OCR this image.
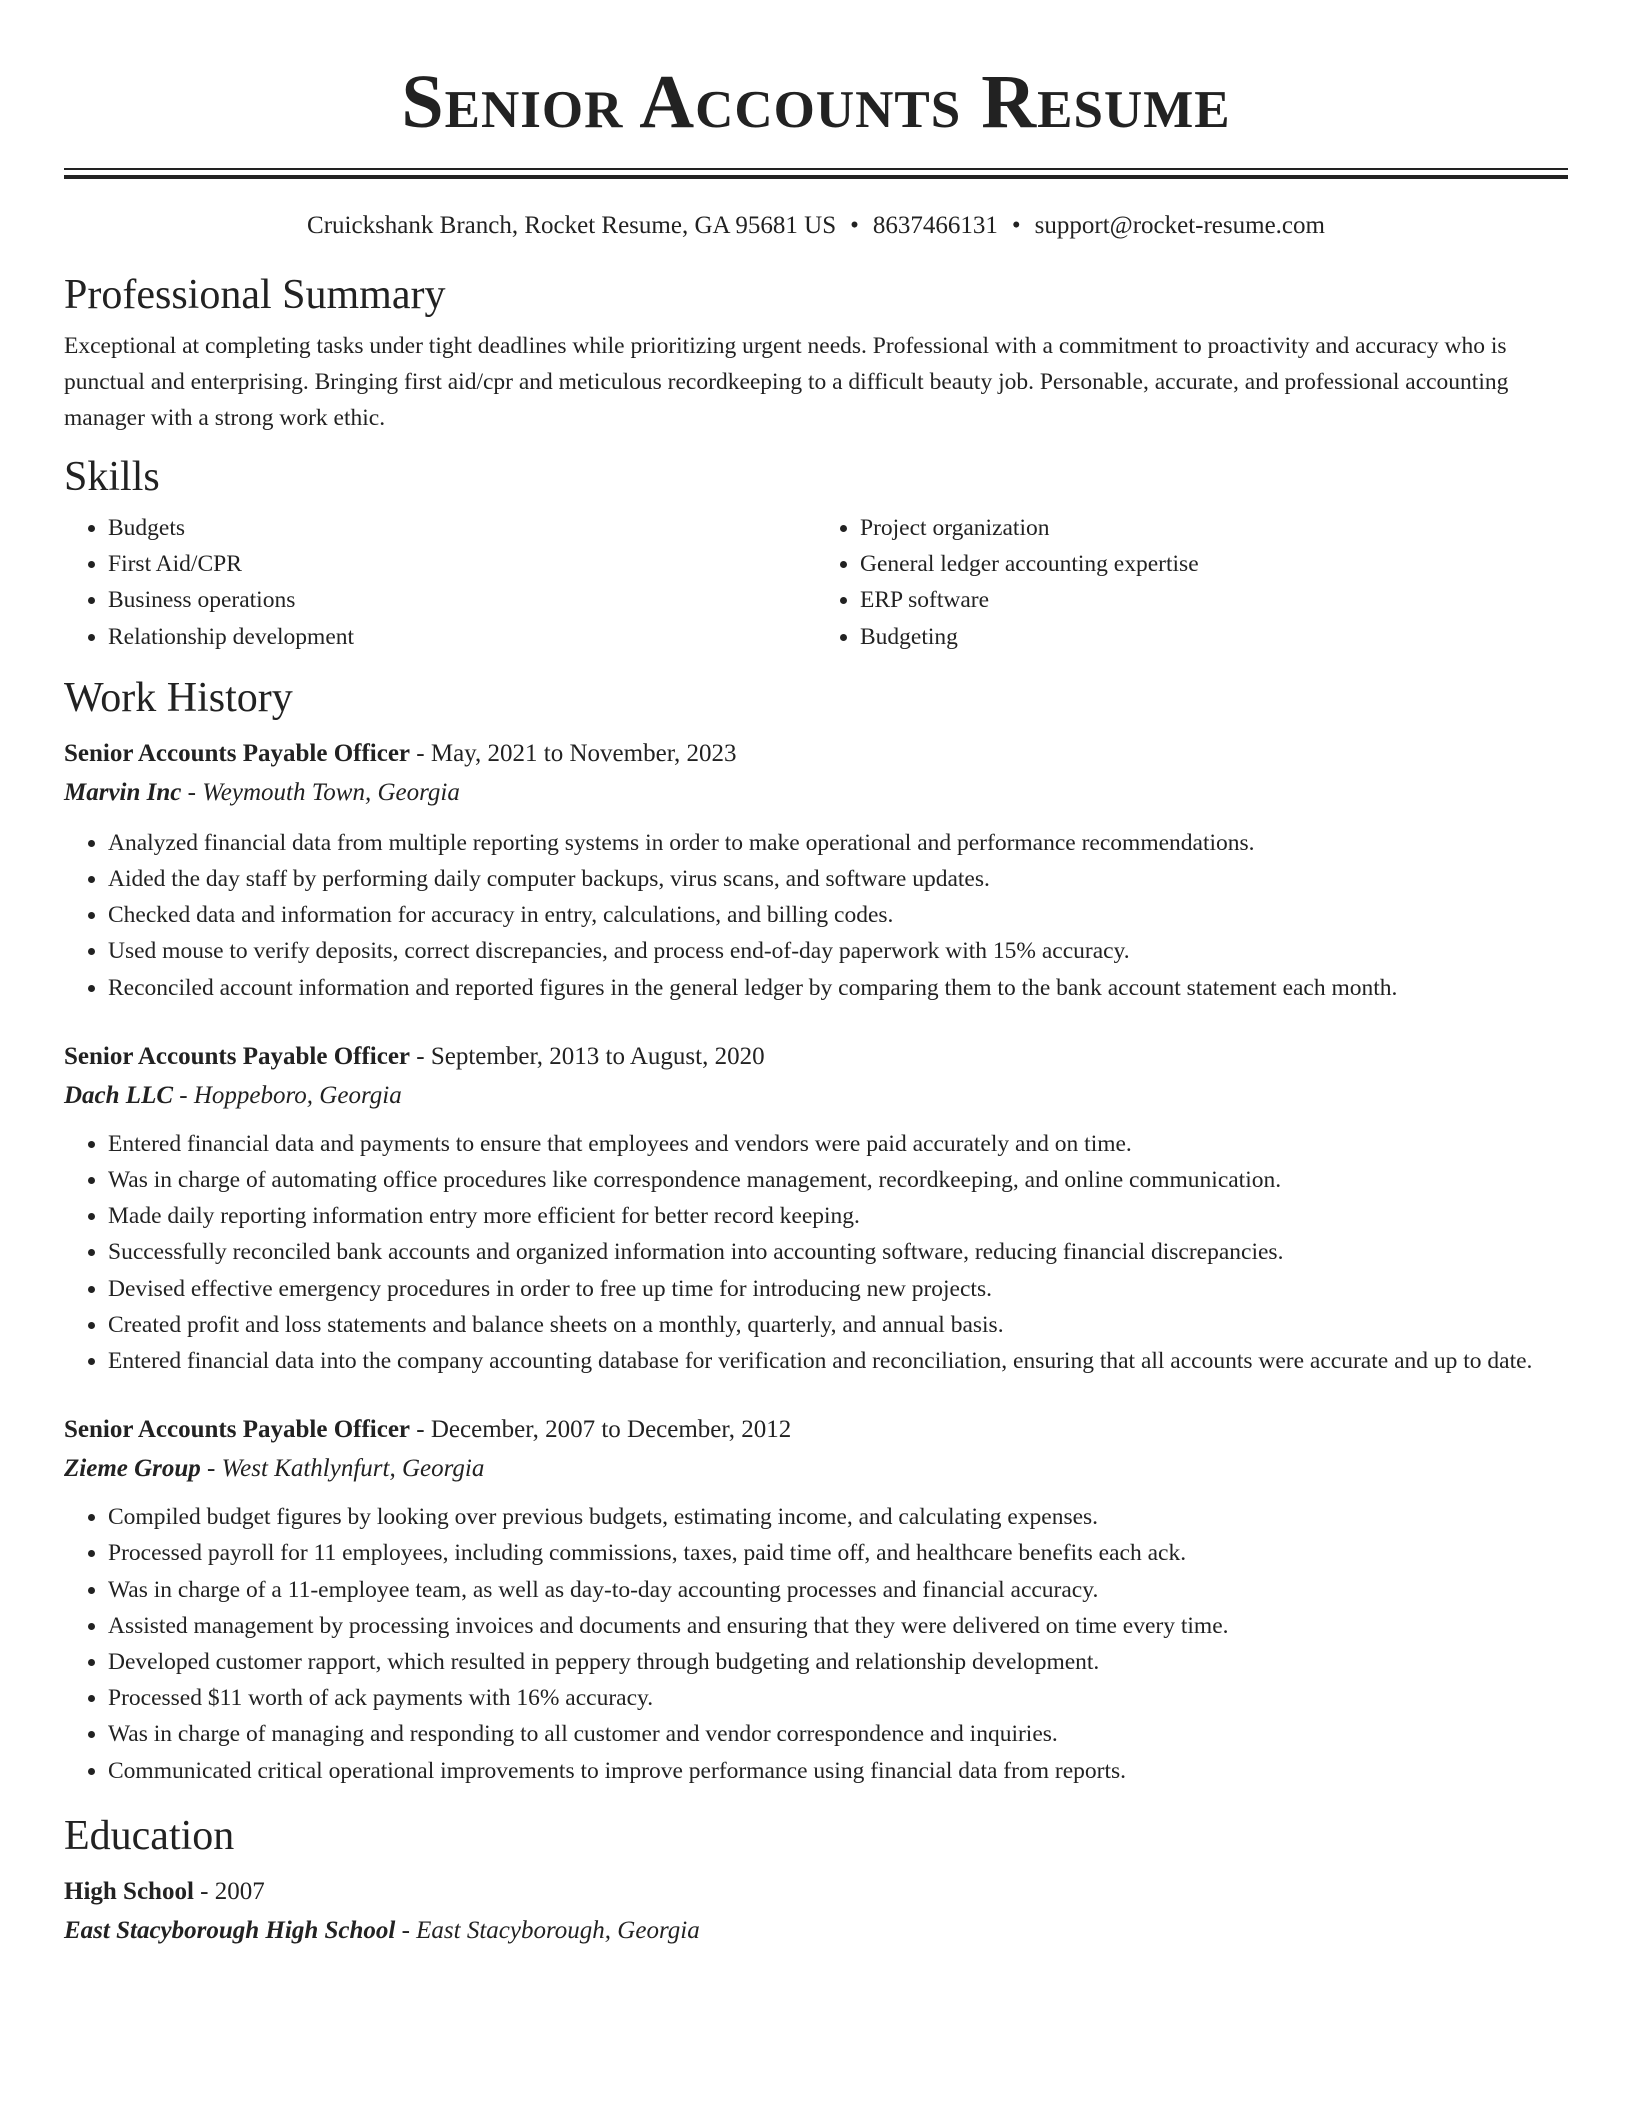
Senior Accounts Resume
Cruickshank Branch, Rocket Resume, GA 95681 US • 8637466131 • support@rocket-resume.com
Professional Summary

Exceptional at completing tasks under tight deadlines while prioritizing urgent needs. Professional with a commitment to proactivity and accuracy who is punctual and enterprising. Bringing first aid/cpr and meticulous recordkeeping to a difficult beauty job. Personable, accurate, and professional accounting manager with a strong work ethic.

Skills
• Budgets
• First Aid/CPR
• Business operations
• Relationship development
• Project organization
• General ledger accounting expertise
• ERP software
• Budgeting
Work History
Senior Accounts Payable Officer - May, 2021 to November, 2023
Marvin Inc - Weymouth Town, Georgia
• Analyzed financial data from multiple reporting systems in order to make operational and performance recommendations.
• Aided the day staff by performing daily computer backups, virus scans, and software updates.
• Checked data and information for accuracy in entry, calculations, and billing codes.
• Used mouse to verify deposits, correct discrepancies, and process end-of-day paperwork with 15% accuracy.
• Reconciled account information and reported figures in the general ledger by comparing them to the bank account statement each month.
Senior Accounts Payable Officer - September, 2013 to August, 2020
Dach LLC - Hoppeboro, Georgia
• Entered financial data and payments to ensure that employees and vendors were paid accurately and on time.
• Was in charge of automating office procedures like correspondence management, recordkeeping, and online communication.
• Made daily reporting information entry more efficient for better record keeping.
• Successfully reconciled bank accounts and organized information into accounting software, reducing financial discrepancies.
• Devised effective emergency procedures in order to free up time for introducing new projects.
• Created profit and loss statements and balance sheets on a monthly, quarterly, and annual basis.
• Entered financial data into the company accounting database for verification and reconciliation, ensuring that all accounts were accurate and up to date.
Senior Accounts Payable Officer - December, 2007 to December, 2012
Zieme Group - West Kathlynfurt, Georgia
• Compiled budget figures by looking over previous budgets, estimating income, and calculating expenses.
• Processed payroll for 11 employees, including commissions, taxes, paid time off, and healthcare benefits each ack.
• Was in charge of a 11-employee team, as well as day-to-day accounting processes and financial accuracy.
• Assisted management by processing invoices and documents and ensuring that they were delivered on time every time.
• Developed customer rapport, which resulted in peppery through budgeting and relationship development.
• Processed $11 worth of ack payments with 16% accuracy.
• Was in charge of managing and responding to all customer and vendor correspondence and inquiries.
• Communicated critical operational improvements to improve performance using financial data from reports.
Education
High School - 2007
East Stacyborough High School - East Stacyborough, Georgia
